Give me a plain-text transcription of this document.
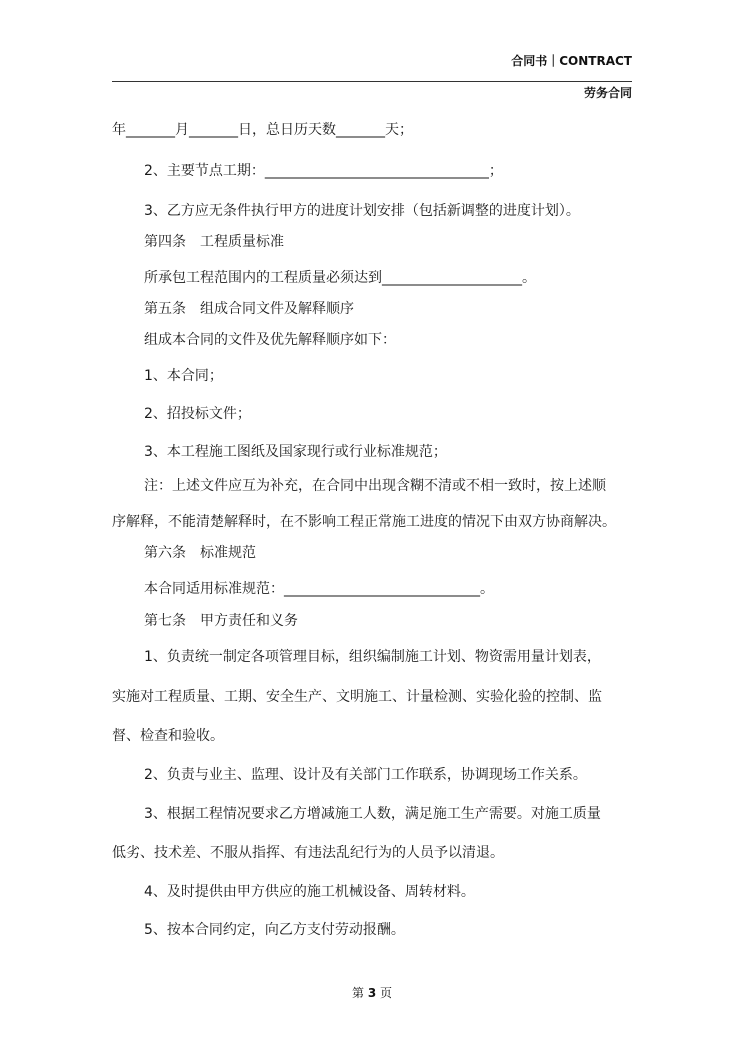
合同书｜CONTRACT
劳务合同
年_______月_______日，总日历天数_______天；
2、主要节点工期：________________________________；
3、乙方应无条件执行甲方的进度计划安排（包括新调整的进度计划）。
第四条　工程质量标准
所承包工程范围内的工程质量必须达到____________________。
第五条　组成合同文件及解释顺序
组成本合同的文件及优先解释顺序如下：
1、本合同；
2、招投标文件；
3、本工程施工图纸及国家现行或行业标准规范；
注：上述文件应互为补充，在合同中出现含糊不清或不相一致时，按上述顺
序解释，不能清楚解释时，在不影响工程正常施工进度的情况下由双方协商解决。
第六条　标准规范
本合同适用标准规范：____________________________。
第七条　甲方责任和义务
1、负责统一制定各项管理目标，组织编制施工计划、物资需用量计划表，
实施对工程质量、工期、安全生产、文明施工、计量检测、实验化验的控制、监
督、检查和验收。
2、负责与业主、监理、设计及有关部门工作联系，协调现场工作关系。
3、根据工程情况要求乙方增减施工人数，满足施工生产需要。对施工质量
低劣、技术差、不服从指挥、有违法乱纪行为的人员予以清退。
4、及时提供由甲方供应的施工机械设备、周转材料。
5、按本合同约定，向乙方支付劳动报酬。
第 3 页
